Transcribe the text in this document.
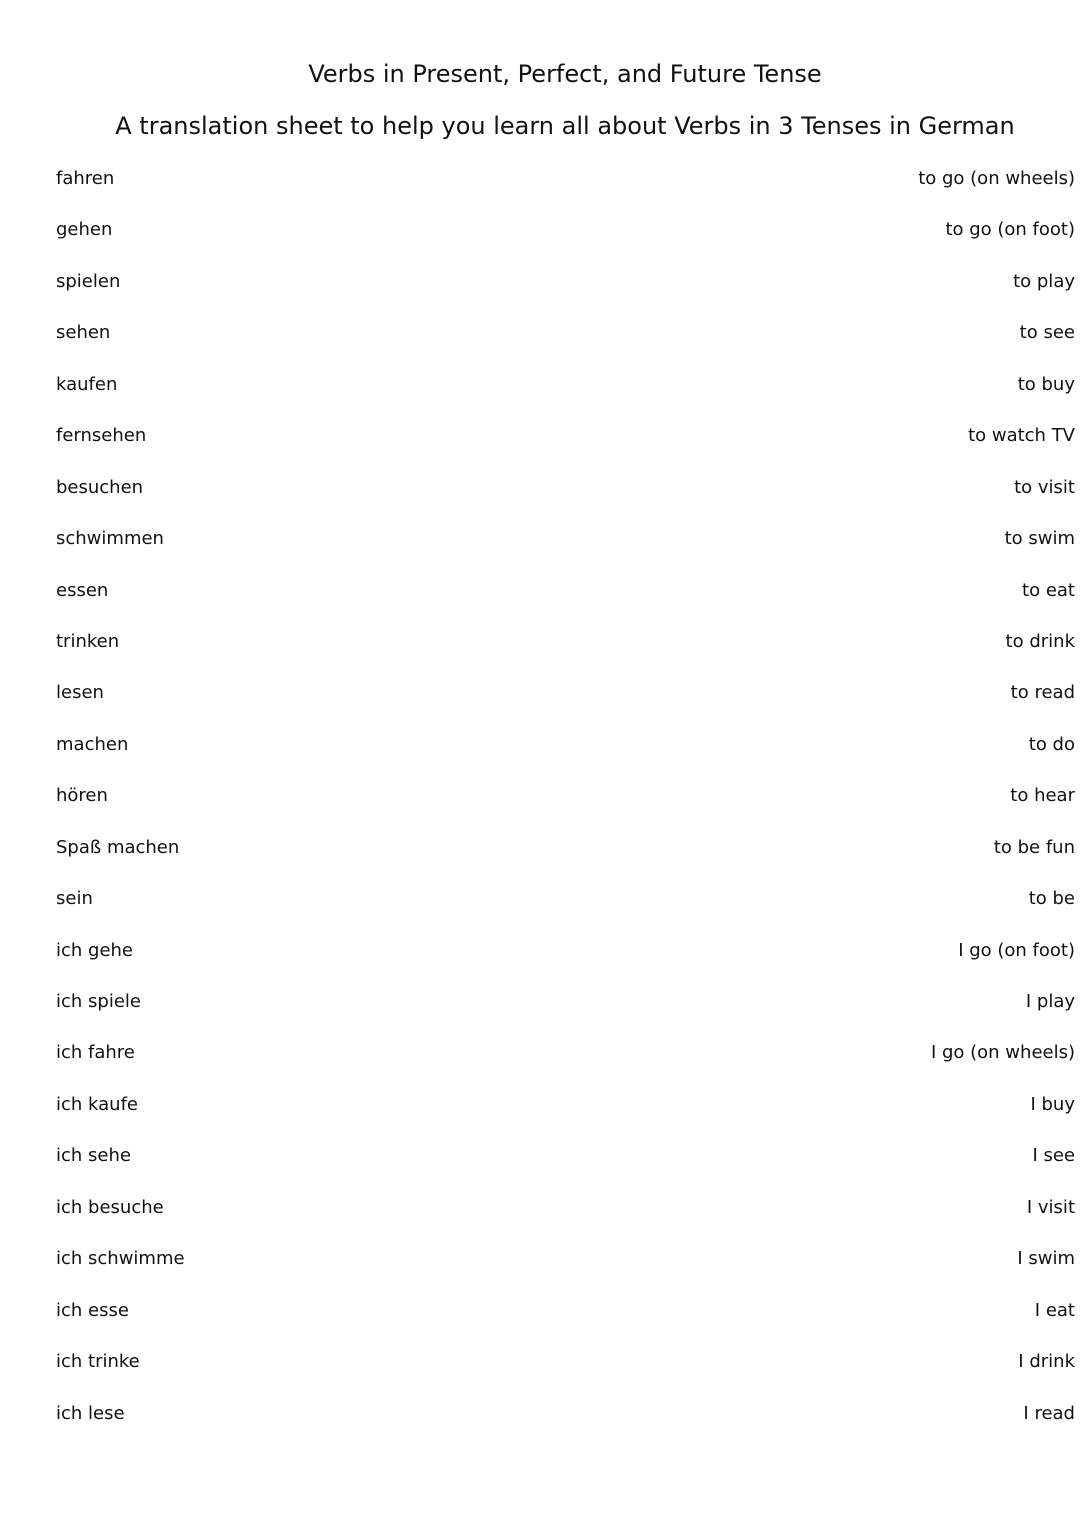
Verbs in Present, Perfect, and Future Tense
A translation sheet to help you learn all about Verbs in 3 Tenses in German
fahren	to go (on wheels)
gehen	to go (on foot)
spielen	to play
sehen	to see
kaufen	to buy
fernsehen	to watch TV
besuchen	to visit
schwimmen	to swim
essen	to eat
trinken	to drink
lesen	to read
machen	to do
hören	to hear
Spaß machen	to be fun
sein	to be
ich gehe	I go (on foot)
ich spiele	I play
ich fahre	I go (on wheels)
ich kaufe	I buy
ich sehe	I see
ich besuche	I visit
ich schwimme	I swim
ich esse	I eat
ich trinke	I drink
ich lese	I read
